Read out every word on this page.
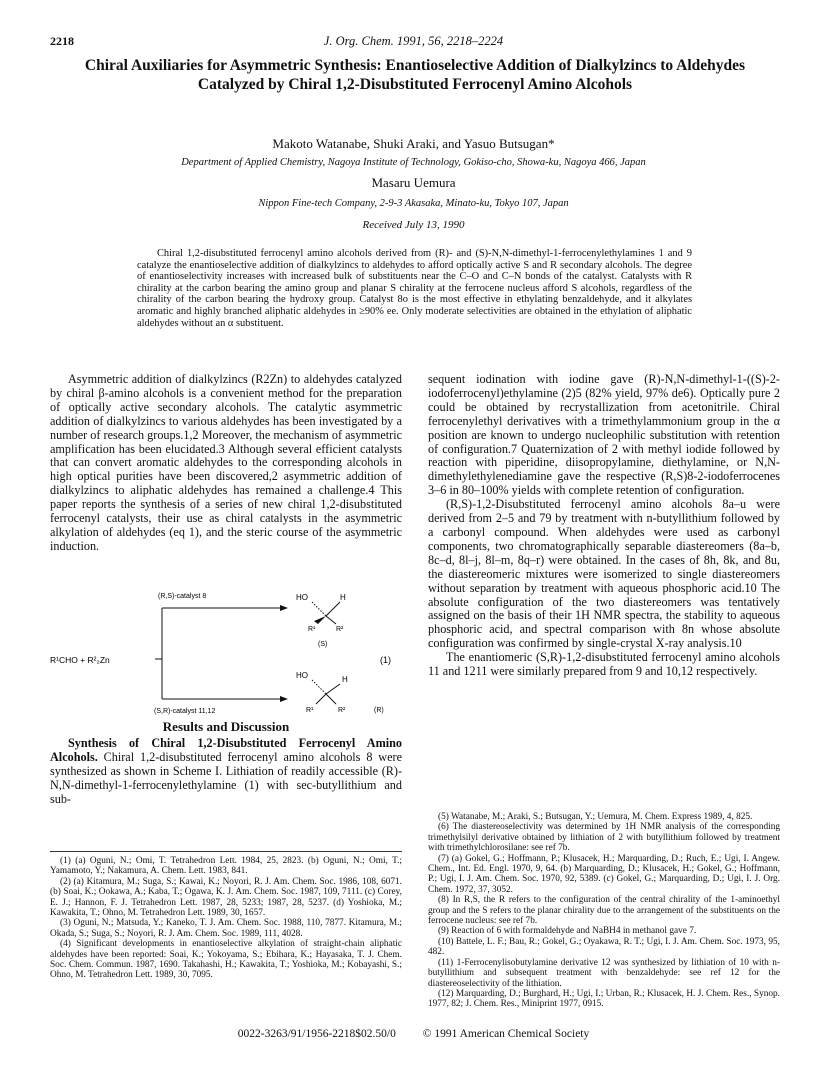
2218	J. Org. Chem. 1991, 56, 2218–2224
Chiral Auxiliaries for Asymmetric Synthesis: Enantioselective Addition of Dialkylzincs to Aldehydes Catalyzed by Chiral 1,2-Disubstituted Ferrocenyl Amino Alcohols
Makoto Watanabe, Shuki Araki, and Yasuo Butsugan*
Department of Applied Chemistry, Nagoya Institute of Technology, Gokiso-cho, Showa-ku, Nagoya 466, Japan
Masaru Uemura
Nippon Fine-tech Company, 2-9-3 Akasaka, Minato-ku, Tokyo 107, Japan
Received July 13, 1990
Chiral 1,2-disubstituted ferrocenyl amino alcohols derived from (R)- and (S)-N,N-dimethyl-1-ferrocenylethylamines 1 and 9 catalyze the enantioselective addition of dialkylzincs to aldehydes to afford optically active S and R secondary alcohols. The degree of enantioselectivity increases with increased bulk of substituents near the C–O and C–N bonds of the catalyst. Catalysts with R chirality at the carbon bearing the amino group and planar S chirality at the ferrocene nucleus afford S alcohols, regardless of the chirality of the carbon bearing the hydroxy group. Catalyst 8o is the most effective in ethylating benzaldehyde, and it alkylates aromatic and highly branched aliphatic aldehydes in ≥90% ee. Only moderate selectivities are obtained in the ethylation of aliphatic aldehydes without an α substituent.
Asymmetric addition of dialkylzincs (R2Zn) to aldehydes catalyzed by chiral β-amino alcohols is a convenient method for the preparation of optically active secondary alcohols. The catalytic asymmetric addition of dialkylzincs to various aldehydes has been investigated by a number of research groups.1,2 Moreover, the mechanism of asymmetric amplification has been elucidated.3 Although several efficient catalysts that can convert aromatic aldehydes to the corresponding alcohols in high optical purities have been discovered,2 asymmetric addition of dialkylzincs to aliphatic aldehydes has remained a challenge.4 This paper reports the synthesis of a series of new chiral 1,2-disubstituted ferrocenyl catalysts, their use as chiral catalysts in the asymmetric alkylation of aldehydes (eq 1), and the steric course of the asymmetric induction.
(R,S)-catalyst 8
(S,R)-catalyst 11,12
R¹CHO + R²₂Zn	(1)
HO	H
R¹	R²
(S)
HO	H
R¹	R²	(R)
Results and Discussion
Synthesis of Chiral 1,2-Disubstituted Ferrocenyl Amino Alcohols. Chiral 1,2-disubstituted ferrocenyl amino alcohols 8 were synthesized as shown in Scheme I. Lithiation of readily accessible (R)-N,N-dimethyl-1-ferrocenylethylamine (1) with sec-butyllithium and sub-

sequent iodination with iodine gave (R)-N,N-dimethyl-1-((S)-2-iodoferrocenyl)ethylamine (2)5 (82% yield, 97% de6). Optically pure 2 could be obtained by recrystallization from acetonitrile. Chiral ferrocenylethyl derivatives with a trimethylammonium group in the α position are known to undergo nucleophilic substitution with retention of configuration.7 Quaternization of 2 with methyl iodide followed by reaction with piperidine, diisopropylamine, diethylamine, or N,N-dimethylethylenediamine gave the respective (R,S)8-2-iodoferrocenes 3–6 in 80–100% yields with complete retention of configuration.

(R,S)-1,2-Disubstituted ferrocenyl amino alcohols 8a–u were derived from 2–5 and 79 by treatment with n-butyllithium followed by a carbonyl compound. When aldehydes were used as carbonyl components, two chromatographically separable diastereomers (8a–b, 8c–d, 8l–j, 8l–m, 8q–r) were obtained. In the cases of 8h, 8k, and 8u, the diastereomeric mixtures were isomerized to single diastereomers without separation by treatment with aqueous phosphoric acid.10 The absolute configuration of the two diastereomers was tentatively assigned on the basis of their 1H NMR spectra, the stability to aqueous phosphoric acid, and spectral comparison with 8n whose absolute configuration was confirmed by single-crystal X-ray analysis.10

The enantiomeric (S,R)-1,2-disubstituted ferrocenyl amino alcohols 11 and 1211 were similarly prepared from 9 and 10,12 respectively.

(1) (a) Oguni, N.; Omi, T. Tetrahedron Lett. 1984, 25, 2823. (b) Oguni, N.; Omi, T.; Yamamoto, Y.; Nakamura, A. Chem. Lett. 1983, 841.

(2) (a) Kitamura, M.; Suga, S.; Kawai, K.; Noyori, R. J. Am. Chem. Soc. 1986, 108, 6071. (b) Soai, K.; Ookawa, A.; Kaba, T.; Ogawa, K. J. Am. Chem. Soc. 1987, 109, 7111. (c) Corey, E. J.; Hannon, F. J. Tetrahedron Lett. 1987, 28, 5233; 1987, 28, 5237. (d) Yoshioka, M.; Kawakita, T.; Ohno, M. Tetrahedron Lett. 1989, 30, 1657.

(3) Oguni, N.; Matsuda, Y.; Kaneko, T. J. Am. Chem. Soc. 1988, 110, 7877. Kitamura, M.; Okada, S.; Suga, S.; Noyori, R. J. Am. Chem. Soc. 1989, 111, 4028.

(4) Significant developments in enantioselective alkylation of straight-chain aliphatic aldehydes have been reported: Soai, K.; Yokoyama, S.; Ebihara, K.; Hayasaka, T. J. Chem. Soc. Chem. Commun. 1987, 1690. Takahashi, H.; Kawakita, T.; Yoshioka, M.; Kobayashi, S.; Ohno, M. Tetrahedron Lett. 1989, 30, 7095.

(5) Watanabe, M.; Araki, S.; Butsugan, Y.; Uemura, M. Chem. Express 1989, 4, 825.

(6) The diastereoselectivity was determined by 1H NMR analysis of the corresponding trimethylsilyl derivative obtained by lithiation of 2 with butyllithium followed by treatment with trimethylchlorosilane: see ref 7b.

(7) (a) Gokel, G.; Hoffmann, P.; Klusacek, H.; Marquarding, D.; Ruch, E.; Ugi, I. Angew. Chem., Int. Ed. Engl. 1970, 9, 64. (b) Marquarding, D.; Klusacek, H.; Gokel, G.; Hoffmann, P.; Ugi, I. J. Am. Chem. Soc. 1970, 92, 5389. (c) Gokel, G.; Marquarding, D.; Ugi, I. J. Org. Chem. 1972, 37, 3052.

(8) In R,S, the R refers to the configuration of the central chirality of the 1-aminoethyl group and the S refers to the planar chirality due to the arrangement of the substituents on the ferrocene nucleus: see ref 7b.

(9) Reaction of 6 with formaldehyde and NaBH4 in methanol gave 7.

(10) Battele, L. F.; Bau, R.; Gokel, G.; Oyakawa, R. T.; Ugi, I. J. Am. Chem. Soc. 1973, 95, 482.

(11) 1-Ferrocenylisobutylamine derivative 12 was synthesized by lithiation of 10 with n-butyllithium and subsequent treatment with benzaldehyde: see ref 12 for the diastereoselectivity of the lithiation.

(12) Marquarding, D.; Burghard, H.; Ugi, I.; Urban, R.; Klusacek, H. J. Chem. Res., Synop. 1977, 82; J. Chem. Res., Miniprint 1977, 0915.

0022-3263/91/1956-2218$02.50/0 © 1991 American Chemical Society
